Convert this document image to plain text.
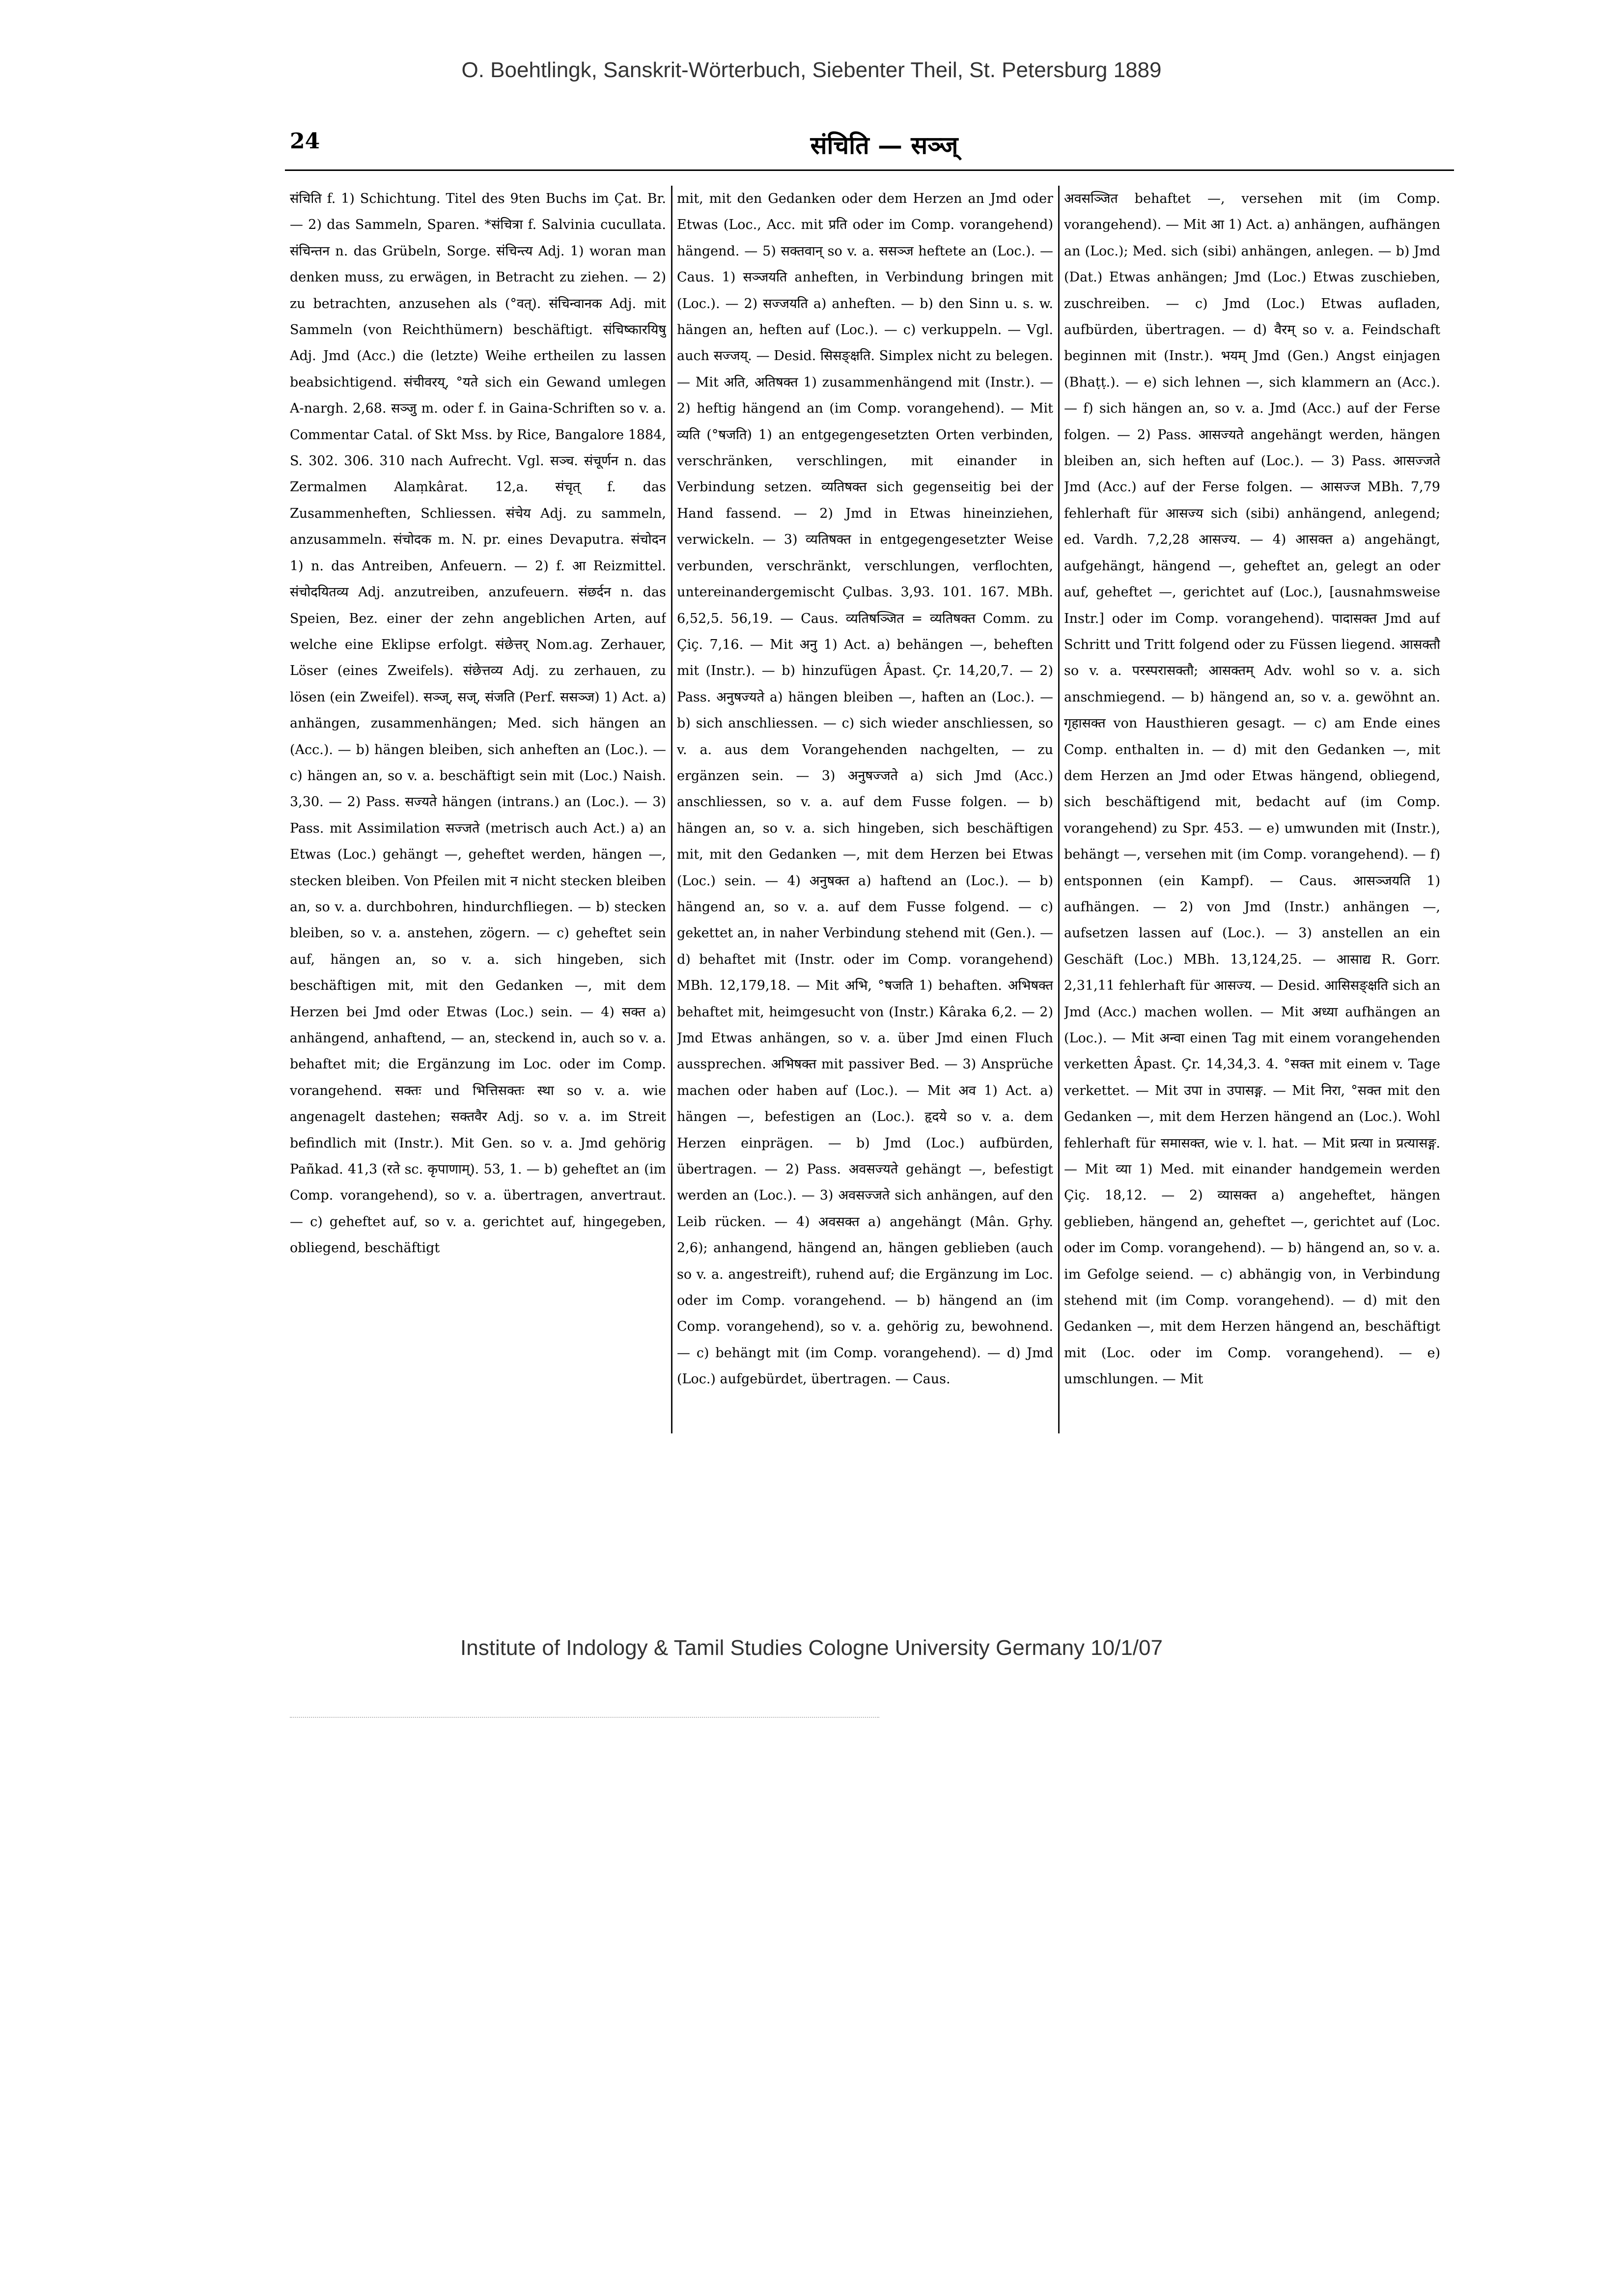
O. Boehtlingk, Sanskrit-Wörterbuch, Siebenter Theil, St. Petersburg 1889
24	संचिति — सञ्ज्

संचिति f. 1) Schichtung. Titel des 9ten Buchs im Çat. Br. — 2) das Sammeln, Sparen. *संचित्रा f. Salvinia cucullata. संचिन्तन n. das Grübeln, Sorge. संचिन्त्य Adj. 1) woran man denken muss, zu erwägen, in Betracht zu ziehen. — 2) zu betrachten, anzusehen als (°वत्). संचिन्वानक Adj. mit Sammeln (von Reichthümern) beschäftigt. संचिष्कारयिषु Adj. Jmd (Acc.) die (letzte) Weihe ertheilen zu lassen beabsichtigend. संचीवरय्, °यते sich ein Gewand umlegen A-nargh. 2,68. सञ्जु m. oder f. in Gaina-Schriften so v. a. Commentar Catal. of Skt Mss. by Rice, Bangalore 1884, S. 302. 306. 310 nach Aufrecht. Vgl. सञ्च. संचूर्णन n. das Zermalmen Alaṃkârat. 12,a. संचृत् f. das Zusammenheften, Schliessen. संचेय Adj. zu sammeln, anzusammeln. संचोदक m. N. pr. eines Devaputra. संचोदन 1) n. das Antreiben, Anfeuern. — 2) f. आ Reizmittel. संचोदयितव्य Adj. anzutreiben, anzufeuern. संछर्दन n. das Speien, Bez. einer der zehn angeblichen Arten, auf welche eine Eklipse erfolgt. संछेत्तर् Nom.ag. Zerhauer, Löser (eines Zweifels). संछेत्तव्य Adj. zu zerhauen, zu lösen (ein Zweifel). सञ्ज्, सज्, संजति (Perf. ससञ्ज) 1) Act. a) anhängen, zusammenhängen; Med. sich hängen an (Acc.). — b) hängen bleiben, sich anheften an (Loc.). — c) hängen an, so v. a. beschäftigt sein mit (Loc.) Naish. 3,30. — 2) Pass. सज्यते hängen (intrans.) an (Loc.). — 3) Pass. mit Assimilation सज्जते (metrisch auch Act.) a) an Etwas (Loc.) gehängt —, geheftet werden, hängen —, stecken bleiben. Von Pfeilen mit न nicht stecken bleiben an, so v. a. durchbohren, hindurchfliegen. — b) stecken bleiben, so v. a. anstehen, zögern. — c) geheftet sein auf, hängen an, so v. a. sich hingeben, sich beschäftigen mit, mit den Gedanken —, mit dem Herzen bei Jmd oder Etwas (Loc.) sein. — 4) सक्त a) anhängend, anhaftend, — an, steckend in, auch so v. a. behaftet mit; die Ergänzung im Loc. oder im Comp. vorangehend. सक्तः und भित्तिसक्तः स्था so v. a. wie angenagelt dastehen; सक्तवैर Adj. so v. a. im Streit befindlich mit (Instr.). Mit Gen. so v. a. Jmd gehörig Pañkad. 41,3 (रते sc. कृपाणाम्). 53, 1. — b) geheftet an (im Comp. vorangehend), so v. a. übertragen, anvertraut. — c) geheftet auf, so v. a. gerichtet auf, hingegeben, obliegend, beschäftigt

mit, mit den Gedanken oder dem Herzen an Jmd oder Etwas (Loc., Acc. mit प्रति oder im Comp. vorangehend) hängend. — 5) सक्तवान् so v. a. ससञ्ज heftete an (Loc.). — Caus. 1) सञ्जयति anheften, in Verbindung bringen mit (Loc.). — 2) सज्जयति a) anheften. — b) den Sinn u. s. w. hängen an, heften auf (Loc.). — c) verkuppeln. — Vgl. auch सज्जय्. — Desid. सिसङ्क्षति. Simplex nicht zu belegen. — Mit अति, अतिषक्त 1) zusammenhängend mit (Instr.). — 2) heftig hängend an (im Comp. vorangehend). — Mit व्यति (°षजति) 1) an entgegengesetzten Orten verbinden, verschränken, verschlingen, mit einander in Verbindung setzen. व्यतिषक्त sich gegenseitig bei der Hand fassend. — 2) Jmd in Etwas hineinziehen, verwickeln. — 3) व्यतिषक्त in entgegengesetzter Weise verbunden, verschränkt, verschlungen, verflochten, untereinandergemischt Çulbas. 3,93. 101. 167. MBh. 6,52,5. 56,19. — Caus. व्यतिषञ्जित = व्यतिषक्त Comm. zu Çiç. 7,16. — Mit अनु 1) Act. a) behängen —, beheften mit (Instr.). — b) hinzufügen Âpast. Çr. 14,20,7. — 2) Pass. अनुषज्यते a) hängen bleiben —, haften an (Loc.). — b) sich anschliessen. — c) sich wieder anschliessen, so v. a. aus dem Vorangehenden nachgelten, — zu ergänzen sein. — 3) अनुषज्जते a) sich Jmd (Acc.) anschliessen, so v. a. auf dem Fusse folgen. — b) hängen an, so v. a. sich hingeben, sich beschäftigen mit, mit den Gedanken —, mit dem Herzen bei Etwas (Loc.) sein. — 4) अनुषक्त a) haftend an (Loc.). — b) hängend an, so v. a. auf dem Fusse folgend. — c) gekettet an, in naher Verbindung stehend mit (Gen.). — d) behaftet mit (Instr. oder im Comp. vorangehend) MBh. 12,179,18. — Mit अभि, °षजति 1) behaften. अभिषक्त behaftet mit, heimgesucht von (Instr.) Kâraka 6,2. — 2) Jmd Etwas anhängen, so v. a. über Jmd einen Fluch aussprechen. अभिषक्त mit passiver Bed. — 3) Ansprüche machen oder haben auf (Loc.). — Mit अव 1) Act. a) hängen —, befestigen an (Loc.). हृदये so v. a. dem Herzen einprägen. — b) Jmd (Loc.) aufbürden, übertragen. — 2) Pass. अवसज्यते gehängt —, befestigt werden an (Loc.). — 3) अवसज्जते sich anhängen, auf den Leib rücken. — 4) अवसक्त a) angehängt (Mân. Gṛhy. 2,6); anhangend, hängend an, hängen geblieben (auch so v. a. angestreift), ruhend auf; die Ergänzung im Loc. oder im Comp. vorangehend. — b) hängend an (im Comp. vorangehend), so v. a. gehörig zu, bewohnend. — c) behängt mit (im Comp. vorangehend). — d) Jmd (Loc.) aufgebürdet, übertragen. — Caus.

अवसञ्जित behaftet —, versehen mit (im Comp. vorangehend). — Mit आ 1) Act. a) anhängen, aufhängen an (Loc.); Med. sich (sibi) anhängen, anlegen. — b) Jmd (Dat.) Etwas anhängen; Jmd (Loc.) Etwas zuschieben, zuschreiben. — c) Jmd (Loc.) Etwas aufladen, aufbürden, übertragen. — d) वैरम् so v. a. Feindschaft beginnen mit (Instr.). भयम् Jmd (Gen.) Angst einjagen (Bhaṭṭ.). — e) sich lehnen —, sich klammern an (Acc.). — f) sich hängen an, so v. a. Jmd (Acc.) auf der Ferse folgen. — 2) Pass. आसज्यते angehängt werden, hängen bleiben an, sich heften auf (Loc.). — 3) Pass. आसज्जते Jmd (Acc.) auf der Ferse folgen. — आसज्ज MBh. 7,79 fehlerhaft für आसज्य sich (sibi) anhängend, anlegend; ed. Vardh. 7,2,28 आसज्य. — 4) आसक्त a) angehängt, aufgehängt, hängend —, geheftet an, gelegt an oder auf, geheftet —, gerichtet auf (Loc.), [ausnahmsweise Instr.] oder im Comp. vorangehend). पादासक्त Jmd auf Schritt und Tritt folgend oder zu Füssen liegend. आसक्तौ so v. a. परस्परासक्तौ; आसक्तम् Adv. wohl so v. a. sich anschmiegend. — b) hängend an, so v. a. gewöhnt an. गृहासक्त von Hausthieren gesagt. — c) am Ende eines Comp. enthalten in. — d) mit den Gedanken —, mit dem Herzen an Jmd oder Etwas hängend, obliegend, sich beschäftigend mit, bedacht auf (im Comp. vorangehend) zu Spr. 453. — e) umwunden mit (Instr.), behängt —, versehen mit (im Comp. vorangehend). — f) entsponnen (ein Kampf). — Caus. आसञ्जयति 1) aufhängen. — 2) von Jmd (Instr.) anhängen —, aufsetzen lassen auf (Loc.). — 3) anstellen an ein Geschäft (Loc.) MBh. 13,124,25. — आसाद्य R. Gorr. 2,31,11 fehlerhaft für आसज्य. — Desid. आसिसङ्क्षति sich an Jmd (Acc.) machen wollen. — Mit अध्या aufhängen an (Loc.). — Mit अन्वा einen Tag mit einem vorangehenden verketten Âpast. Çr. 14,34,3. 4. °सक्त mit einem v. Tage verkettet. — Mit उपा in उपासङ्ग. — Mit निरा, °सक्त mit den Gedanken —, mit dem Herzen hängend an (Loc.). Wohl fehlerhaft für समासक्त, wie v. l. hat. — Mit प्रत्या in प्रत्यासङ्ग. — Mit व्या 1) Med. mit einander handgemein werden Çiç. 18,12. — 2) व्यासक्त a) angeheftet, hängen geblieben, hängend an, geheftet —, gerichtet auf (Loc. oder im Comp. vorangehend). — b) hängend an, so v. a. im Gefolge seiend. — c) abhängig von, in Verbindung stehend mit (im Comp. vorangehend). — d) mit den Gedanken —, mit dem Herzen hängend an, beschäftigt mit (Loc. oder im Comp. vorangehend). — e) umschlungen. — Mit

Institute of Indology & Tamil Studies Cologne University Germany 10/1/07
